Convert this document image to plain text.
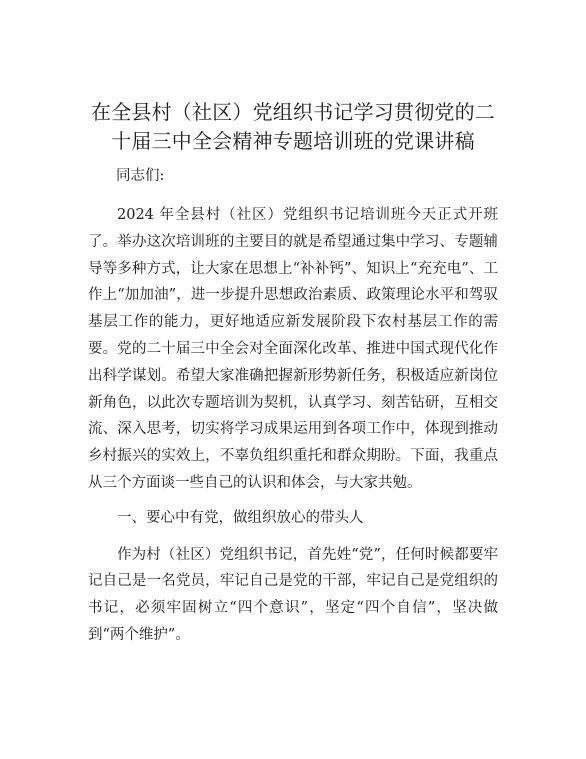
在全县村（社区）党组织书记学习贯彻党的二
十届三中全会精神专题培训班的党课讲稿

同志们:

2024 年全县村（社区）党组织书记培训班今天正式开班了。举办这次培训班的主要目的就是希望通过集中学习、专题辅导等多种方式，让大家在思想上“补补钙”、知识上“充充电”、工作上“加加油”，进一步提升思想政治素质、政策理论水平和驾驭基层工作的能力，更好地适应新发展阶段下农村基层工作的需要。党的二十届三中全会对全面深化改革、推进中国式现代化作出科学谋划。希望大家准确把握新形势新任务，积极适应新岗位新角色，以此次专题培训为契机，认真学习、刻苦钻研，互相交流、深入思考，切实将学习成果运用到各项工作中，体现到推动乡村振兴的实效上，不辜负组织重托和群众期盼。下面，我重点从三个方面谈一些自己的认识和体会，与大家共勉。

一、要心中有党，做组织放心的带头人

作为村（社区）党组织书记，首先姓“党”，任何时候都要牢记自己是一名党员，牢记自己是党的干部，牢记自己是党组织的书记，必须牢固树立“四个意识”，坚定“四个自信”，坚决做到“两个维护”。
